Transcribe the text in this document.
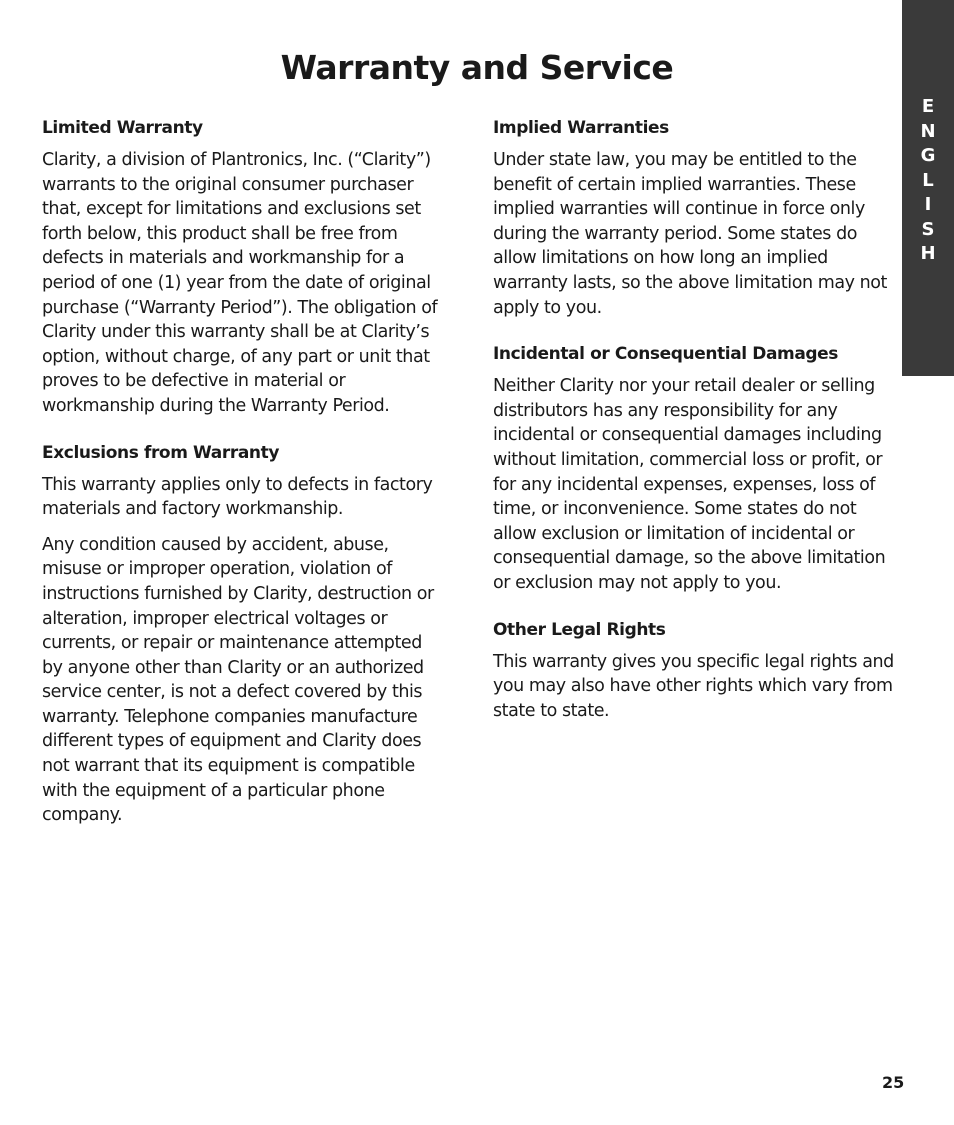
Warranty and Service
E
N
G
L
I
S
H
Limited Warranty

Clarity, a division of Plantronics, Inc. (“Clarity”) warrants to the original consumer purchaser that, except for limitations and exclusions set forth below, this product shall be free from defects in materials and workmanship for a period of one (1) year from the date of original purchase (“Warranty Period”). The obligation of Clarity under this warranty shall be at Clarity’s option, without charge, of any part or unit that proves to be defective in material or workmanship during the Warranty Period.

Exclusions from Warranty

This warranty applies only to defects in factory materials and factory workmanship.

Any condition caused by accident, abuse, misuse or improper operation, violation of instructions furnished by Clarity, destruction or alteration, improper electrical voltages or currents, or repair or maintenance attempted by anyone other than Clarity or an authorized service center, is not a defect covered by this warranty. Telephone companies manufacture different types of equipment and Clarity does not warrant that its equipment is compatible with the equipment of a particular phone company.

Implied Warranties

Under state law, you may be entitled to the benefit of certain implied warranties. These implied warranties will continue in force only during the warranty period. Some states do allow limitations on how long an implied warranty lasts, so the above limitation may not apply to you.

Incidental or Consequential Damages

Neither Clarity nor your retail dealer or selling distributors has any responsibility for any incidental or consequential damages including without limitation, commercial loss or profit, or for any incidental expenses, expenses, loss of time, or inconvenience. Some states do not allow exclusion or limitation of incidental or consequential damage, so the above limitation or exclusion may not apply to you.

Other Legal Rights

This warranty gives you specific legal rights and you may also have other rights which vary from state to state.

25
